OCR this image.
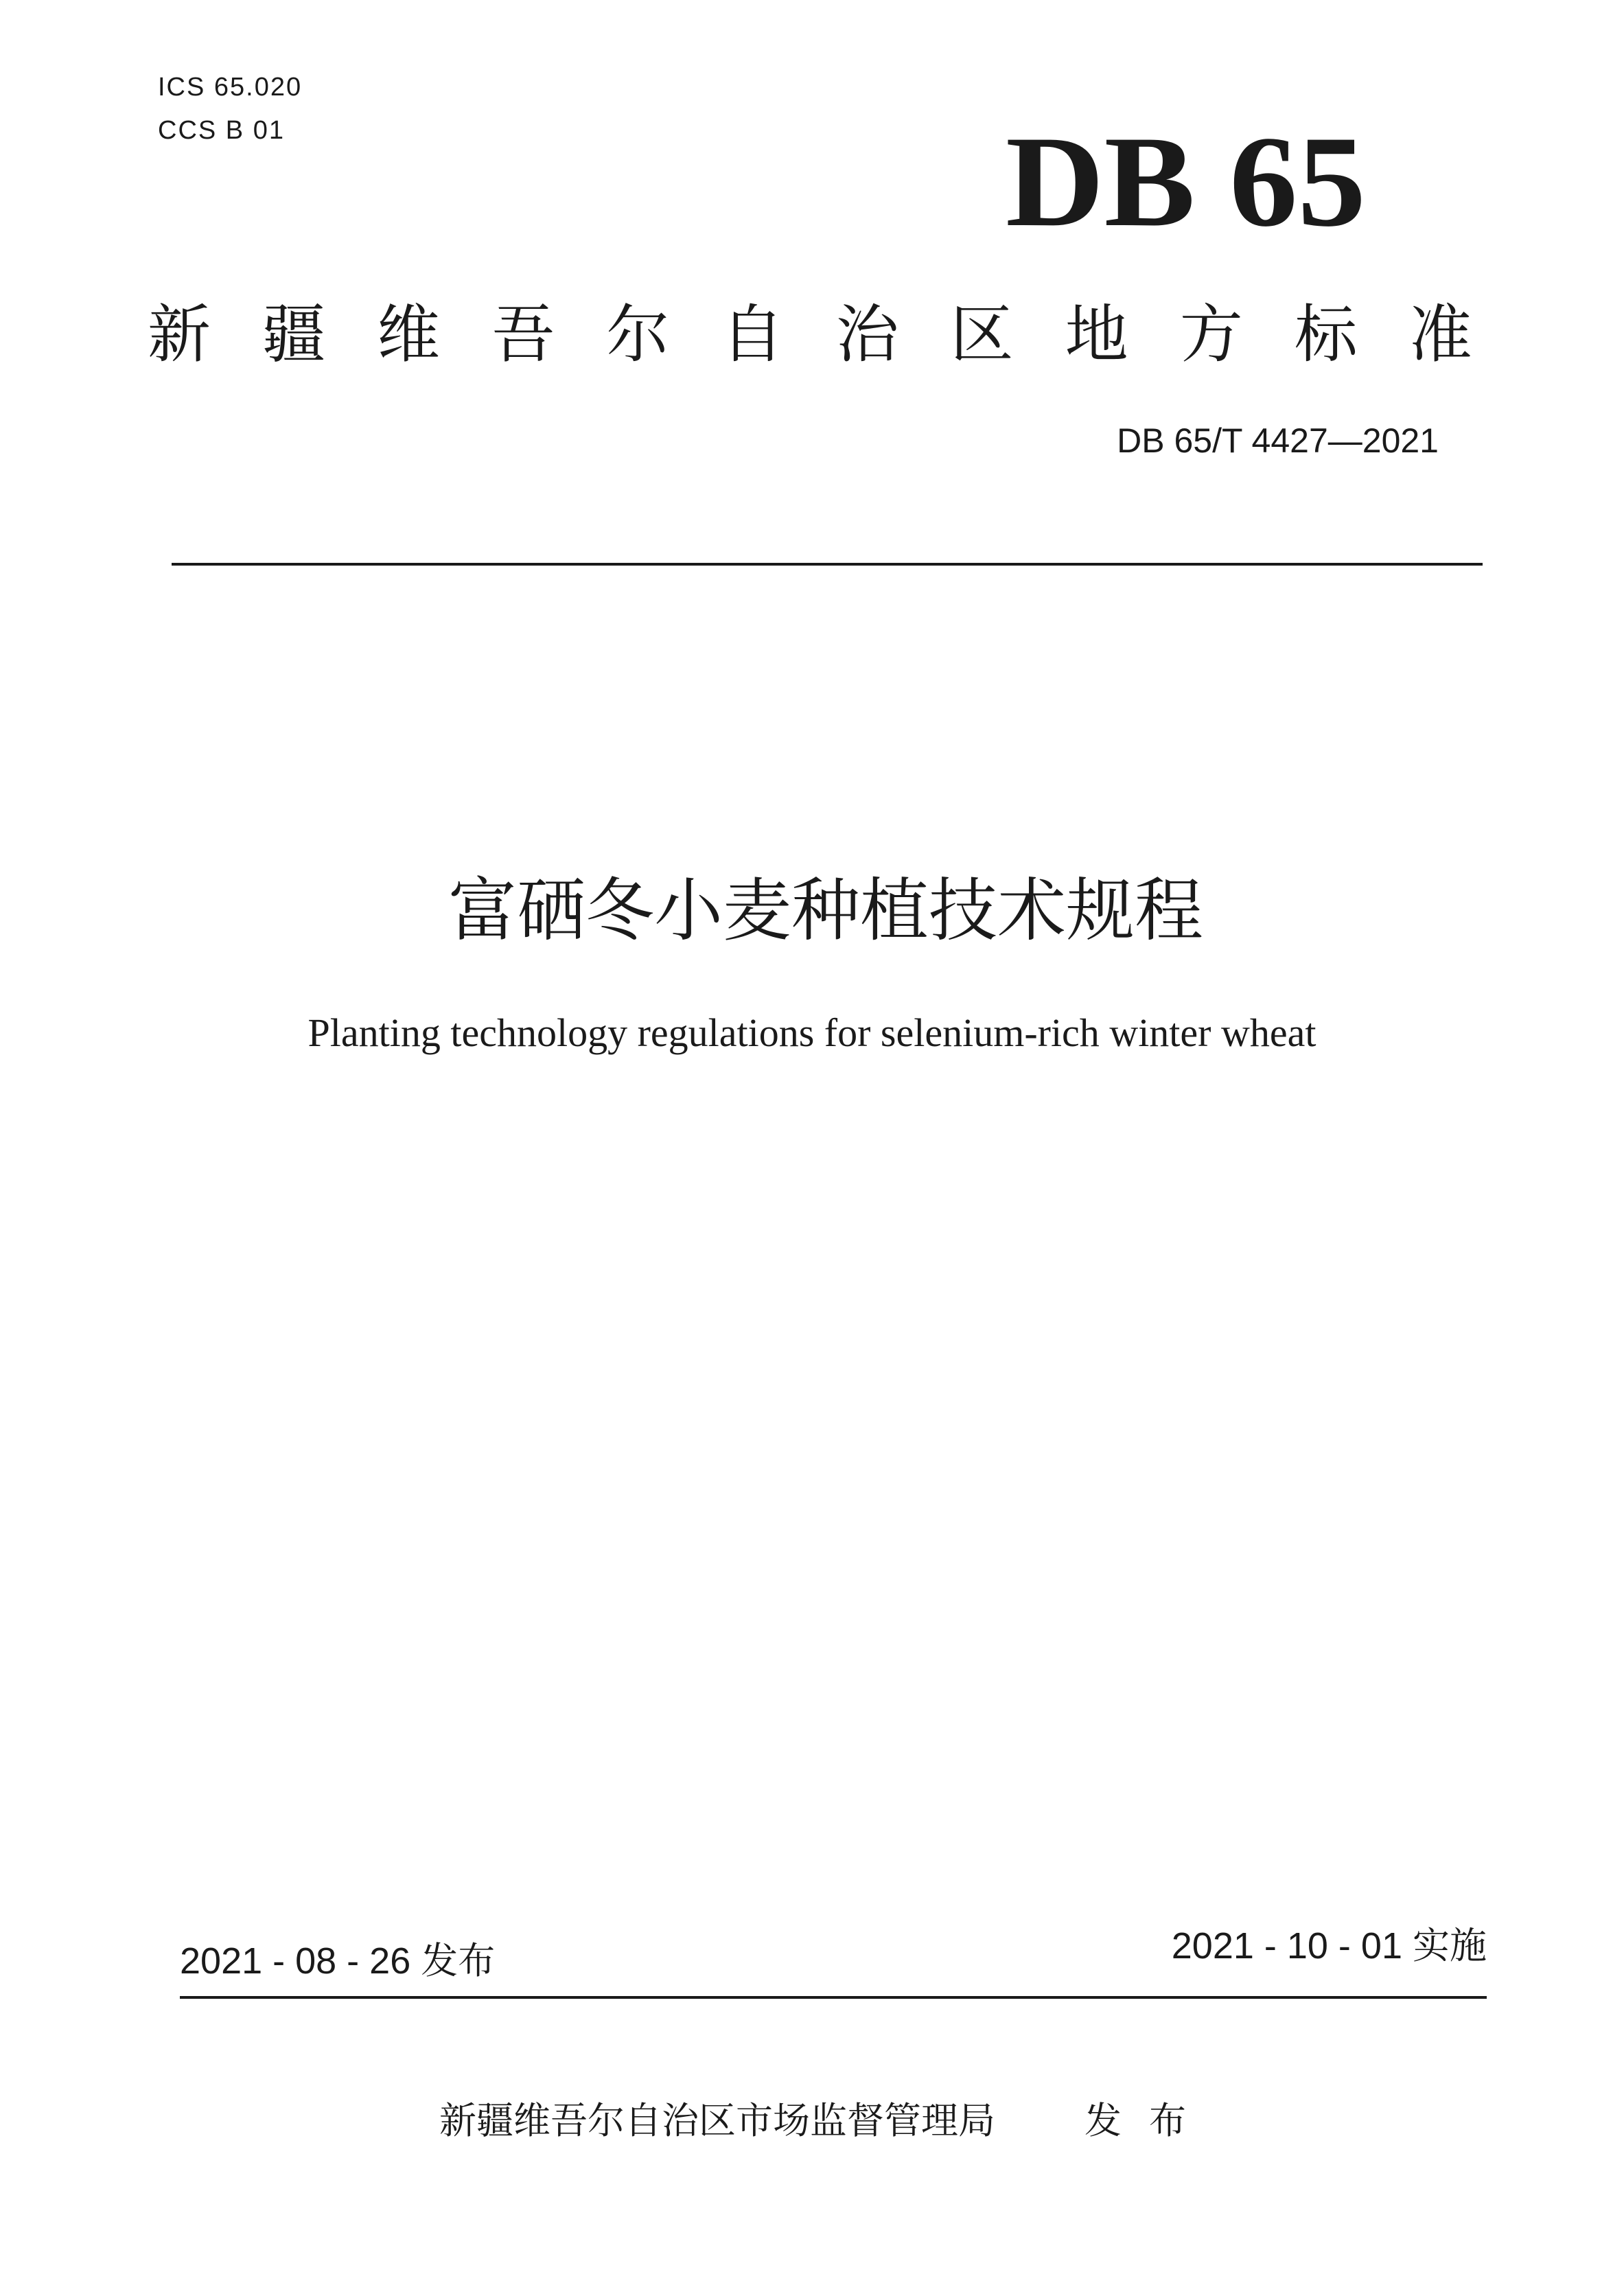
ICS 65.020
CCS B 01	DB 65
新 疆 维 吾 尔 自 治 区 地 方 标 准
DB 65/T 4427—2021
富硒冬小麦种植技术规程
Planting technology regulations for selenium-rich winter wheat
2021 - 08 - 26 发布	2021 - 10 - 01 实施
新疆维吾尔自治区市场监督管理局 发布
